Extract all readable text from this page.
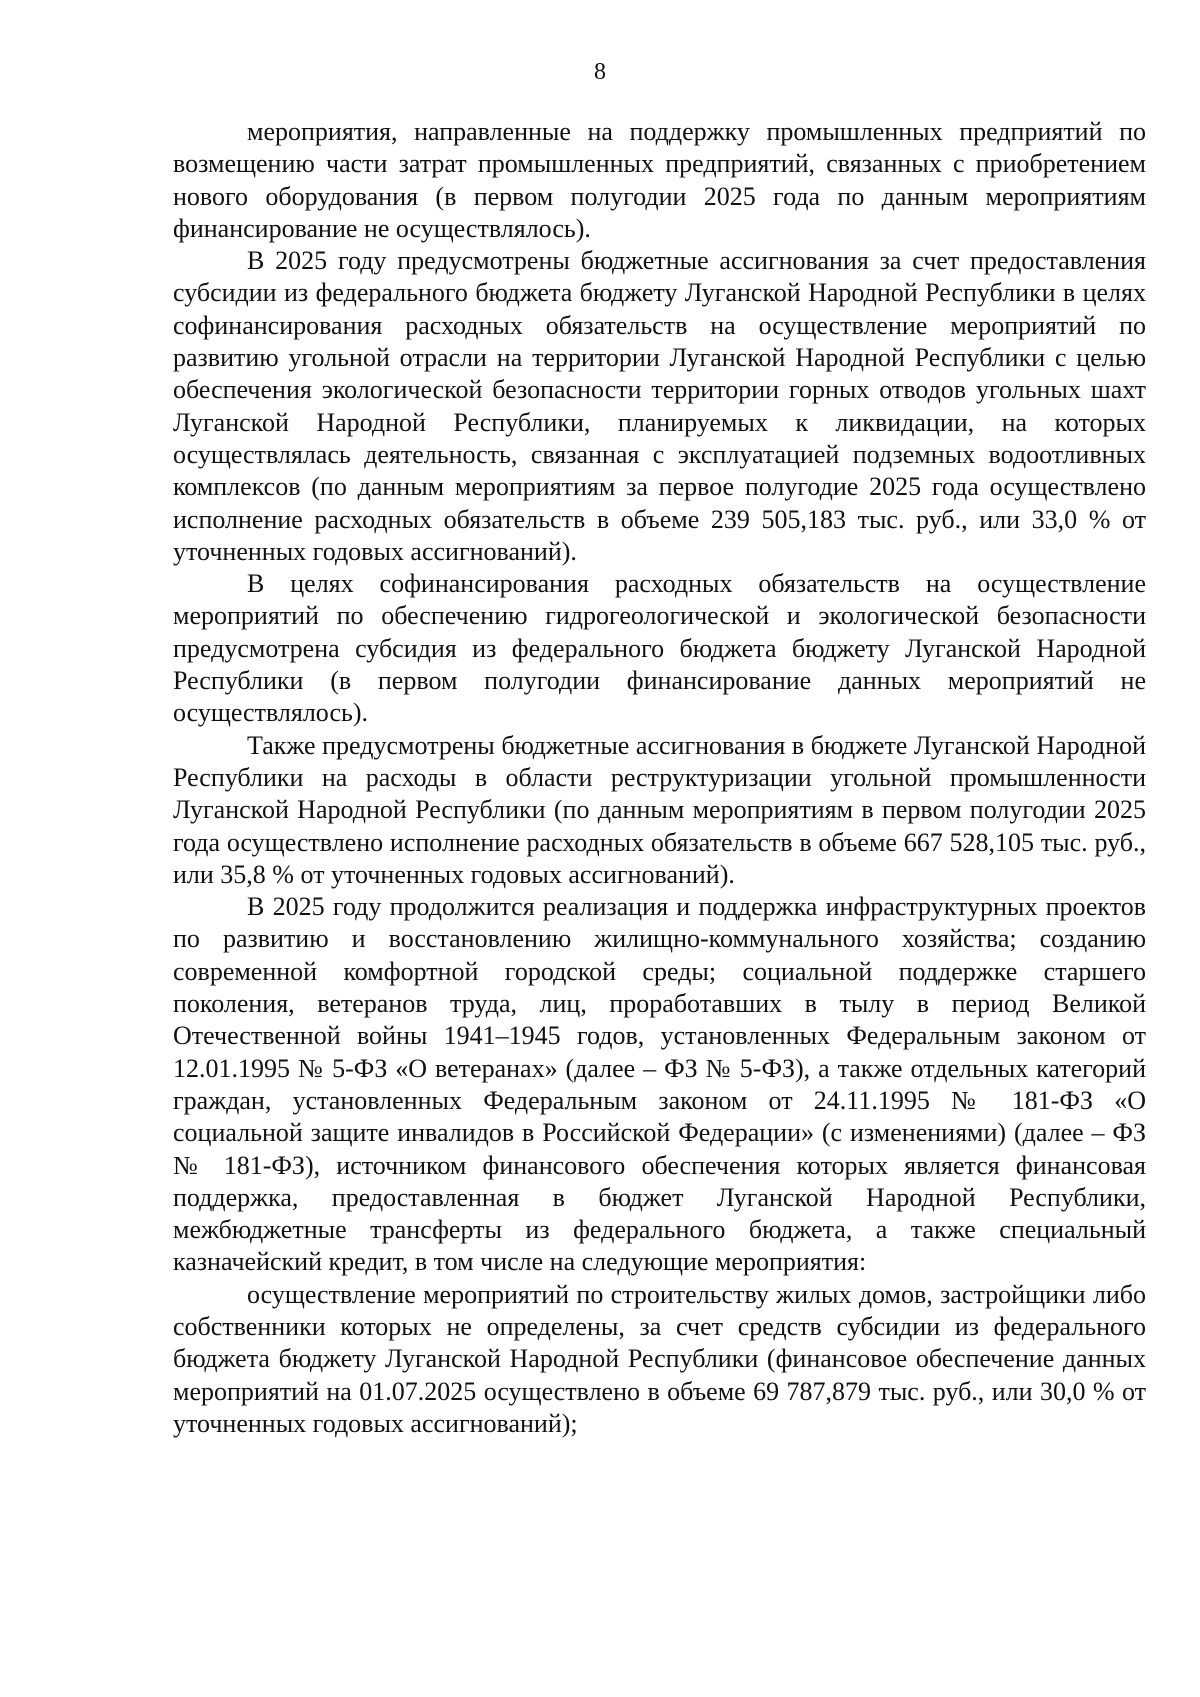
8

мероприятия, направленные на поддержку промышленных предприятий по возмещению части затрат промышленных предприятий, связанных с приобретением нового оборудования (в первом полугодии 2025 года по данным мероприятиям финансирование не осуществлялось).

В 2025 году предусмотрены бюджетные ассигнования за счет предоставления субсидии из федерального бюджета бюджету Луганской Народной Республики в целях софинансирования расходных обязательств на осуществление мероприятий по развитию угольной отрасли на территории Луганской Народной Республики с целью обеспечения экологической безопасности территории горных отводов угольных шахт Луганской Народной Республики, планируемых к ликвидации, на которых осуществлялась деятельность, связанная с эксплуатацией подземных водоотливных комплексов (по данным мероприятиям за первое полугодие 2025 года осуществлено исполнение расходных обязательств в объеме 239 505,183 тыс. руб., или 33,0 % от уточненных годовых ассигнований).

В целях софинансирования расходных обязательств на осуществление мероприятий по обеспечению гидрогеологической и экологической безопасности предусмотрена субсидия из федерального бюджета бюджету Луганской Народной Республики (в первом полугодии финансирование данных мероприятий не осуществлялось).

Также предусмотрены бюджетные ассигнования в бюджете Луганской Народной Республики на расходы в области реструктуризации угольной промышленности Луганской Народной Республики (по данным мероприятиям в первом полугодии 2025 года осуществлено исполнение расходных обязательств в объеме 667 528,105 тыс. руб., или 35,8 % от уточненных годовых ассигнований).

В 2025 году продолжится реализация и поддержка инфраструктурных проектов по развитию и восстановлению жилищно-коммунального хозяйства; созданию современной комфортной городской среды; социальной поддержке старшего поколения, ветеранов труда, лиц, проработавших в тылу в период Великой Отечественной войны 1941–1945 годов, установленных Федеральным законом от 12.01.1995 № 5-ФЗ «О ветеранах» (далее – ФЗ № 5-ФЗ), а также отдельных категорий граждан, установленных Федеральным законом от 24.11.1995 № 181-ФЗ «О социальной защите инвалидов в Российской Федерации» (с изменениями) (далее – ФЗ № 181-ФЗ), источником финансового обеспечения которых является финансовая поддержка, предоставленная в бюджет Луганской Народной Республики, межбюджетные трансферты из федерального бюджета, а также специальный казначейский кредит, в том числе на следующие мероприятия:

осуществление мероприятий по строительству жилых домов, застройщики либо собственники которых не определены, за счет средств субсидии из федерального бюджета бюджету Луганской Народной Республики (финансовое обеспечение данных мероприятий на 01.07.2025 осуществлено в объеме 69 787,879 тыс. руб., или 30,0 % от уточненных годовых ассигнований);
